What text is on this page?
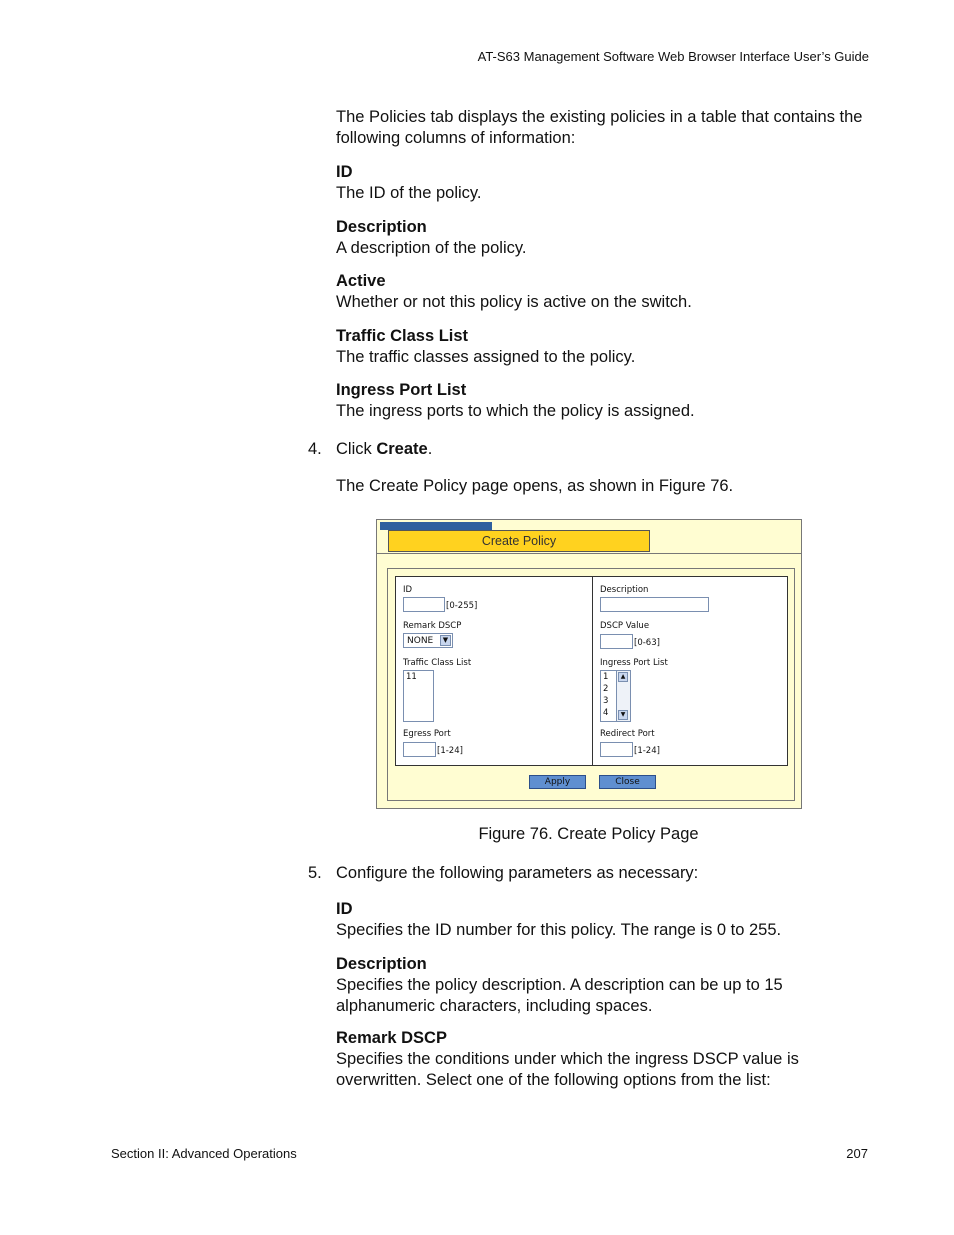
AT-S63 Management Software Web Browser Interface User’s Guide

The Policies tab displays the existing policies in a table that contains the following columns of information:

ID
The ID of the policy.
Description
A description of the policy.
Active
Whether or not this policy is active on the switch.
Traffic Class List
The traffic classes assigned to the policy.
Ingress Port List
The ingress ports to which the policy is assigned.
4. Click Create.
The Create Policy page opens, as shown in Figure 76.
Create Policy
ID
[0-255]
Remark DSCP
NONE	▼
Traffic Class List
11
Egress Port
[1-24]
Description
DSCP Value
[0-63]
Ingress Port List
1
2
3
4
▲
▼
Redirect Port
[1-24]
Apply	Close
Figure 76. Create Policy Page
5. Configure the following parameters as necessary:
ID
Specifies the ID number for this policy. The range is 0 to 255.
Description
Specifies the policy description. A description can be up to 15 alphanumeric characters, including spaces.
Remark DSCP
Specifies the conditions under which the ingress DSCP value is overwritten. Select one of the following options from the list:
Section II: Advanced Operations	207
